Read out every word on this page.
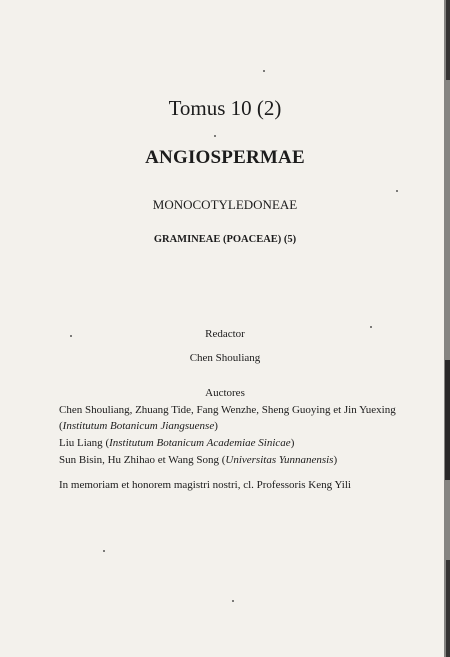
Tomus 10 (2)
ANGIOSPERMAE
MONOCOTYLEDONEAE
GRAMINEAE (POACEAE) (5)
Redactor
Chen Shouliang
Auctores
Chen Shouliang, Zhuang Tide, Fang Wenzhe, Sheng Guoying et Jin Yuexing
(Institutum Botanicum Jiangsuense)
Liu Liang (Institutum Botanicum Academiae Sinicae)
Sun Bisin, Hu Zhihao et Wang Song (Universitas Yunnanensis)
In memoriam et honorem magistri nostri, cl. Professoris Keng Yili
